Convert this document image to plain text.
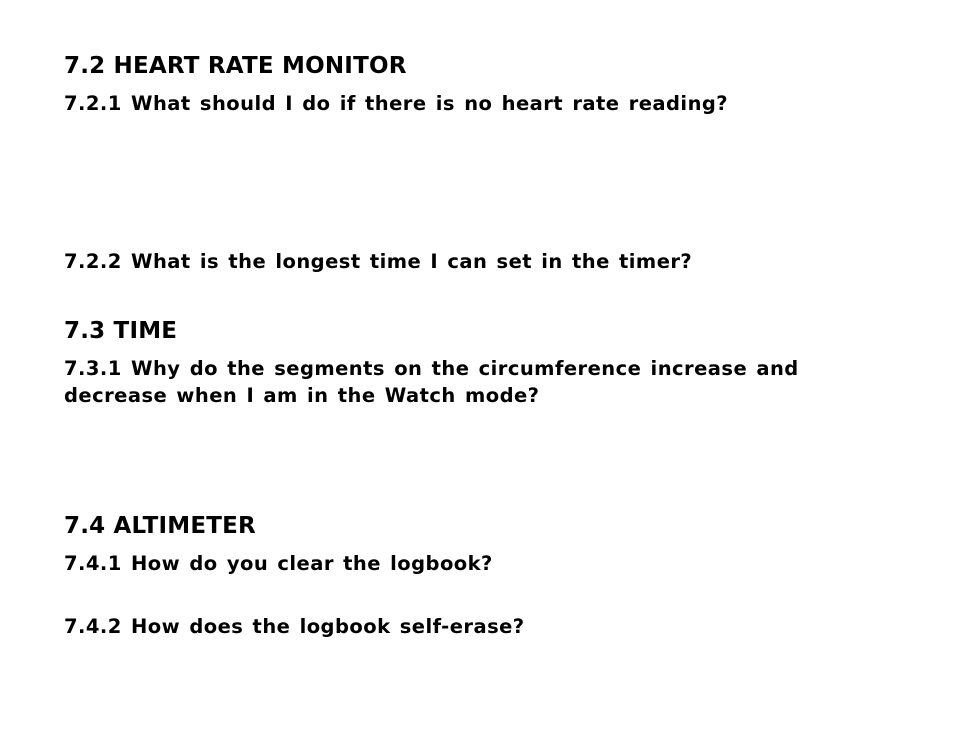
7.2 HEART RATE MONITOR
7.2.1 What should I do if there is no heart rate reading?
7.2.2 What is the longest time I can set in the timer?
7.3 TIME
7.3.1 Why do the segments on the circumference increase and decrease when I am in the Watch mode?
7.4 ALTIMETER
7.4.1 How do you clear the logbook?
7.4.2 How does the logbook self-erase?
